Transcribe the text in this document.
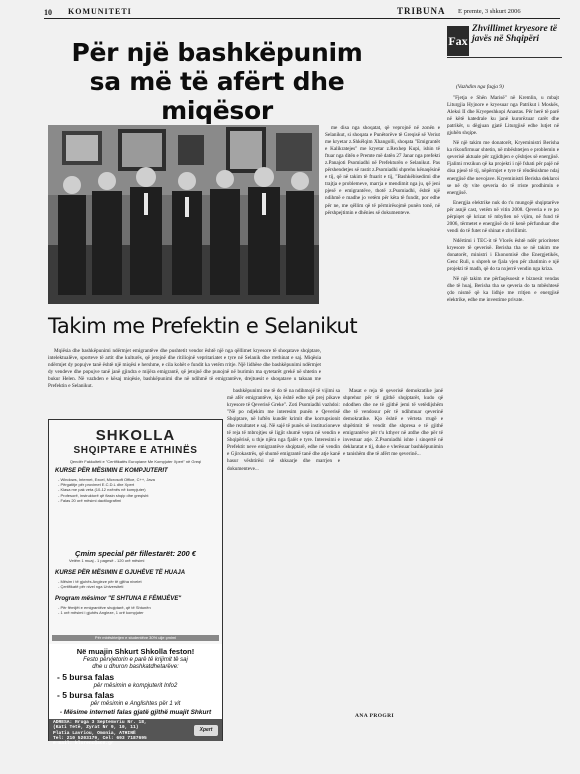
10 KOMUNITETI	TRIBUNA E premte, 3 shkurt 2006
Për një bashkëpunim sa më të afërt dhe miqësor
Takim me Prefektin e Selanikut

Mqiësia dhe bashkëpunimi ndërmjet emigrantëve dhe pushtetit vendor është një nga qëllimet kryesore të shoqatave shqiptare, intelektualëve, sporteve të artit dhe kulturës, që jetojnë dhe ritiliojnë vepritariatet e tyre në Selanik dhe rrethinat e saj. Miqësia ndërmjet dy popujve tanë është një miqësi e hershme, e cila kohët e fundit ka vetëm rritje. Një lidhëse dhe bashkëpunimi ndërmjet dy vendeve dhe popujve tanë janë gjindra e mijëra emigrantë, që jetojnë dhe punojnë në burimin ma qytetarët grekë në shtetin e bukur Helen. Në vazhden e kësaj miqësie, bashkëpunimi dhe në ndihmë të emigrantëve, drejtuesit e shoqatave u takuan me Prefektin e Selanikut.

me disa nga shoqatat, që veprojnë në zonën e Selanikut, si shoqata e Punëtorëve të Greqisë së Veriut me kryetar z.Shkëlqim Xhangolli, shoqata "Emigrantët e Kalikratejes" me kryetar z.Rexhep Kupi, ishin të ftuar nga ditën e Premte më datën 27 Janar nga prefekti z.Panajoti Psomiadhi në Prefekturën e Selanikut. Pas përshendetjes së rastit z.Psomiadhi shprehu kënaqësinë e tij, që në takim të ftuarit e tij, "Bashkëbisedimi dhe trajtja e problemeve, marrja e mendimit nga ju, që jeni pjesë e emigrantëve, thotë z.Psomiadhi, është një ndihmë e madhe jo vetëm për këta të fundit, por edhe për ne, me qëllim që të përmirësojmë punën tonë, në përshpejtimin e dhënies së dokumenteve.

bashkëpunimi me të do të na ndihmojë të vijimi sa më afër emigrantëve, kjo është edhe një prej pikave kryesore të Qeverisë Greke". Zoti Psomiadhi vazhdoi: "Në po ndjekim me interesim punën e Qeverisë Shqiptare, në luftën kundër krimit dhe korrupsionit dhe rezultatet e saj. Në sajë të punës së institucioneve të reja të mbrojtjes së ligjit shumë vepra në vendin e Shqipërisë, u thje njëra nga fjalët e tyre. Interesimi e Prefektit neve emigrantëve shqiptarë, edhe në vendin e Gjirokastrës, që shumë emigrantë tanë dhe atje kanë hasur vështirësi në shkuarje dhe marrjen e dokumenteve...

Masat e reja të qeverisë demokratike janë shprehur për të gjithë shqiptarët, kudo që ndodhen dhe ne të gjithë jemi të vetëdijshëm dhe të vendosur për të ndihmuar qeverinë demokratike. Kjo është e vërteta rrugë e shpëtimit të vendit dhe shpresa e të gjithë emigrantëve për t'u kthyer në atdhe dhe për të investuar atje. Z.Psomiadhi ishte i sinqertë në deklaratat e tij, duke e vlerësuar bashkëpunimin e tanishëm dhe të afërt me qeverinë...

ANA PROGRI
SHKOLLA
SHQIPTARE E ATHINËS
Qendër Fakkulteti e "Certifikatës Europiane Me Kompjuter Xpert" në Greqi
KURSE PËR MËSIMIN E KOMPJUTERIT
- Windows, Internet, Excel, Microsoft Office, C++, Java
- Përgatitje për provimet E.C.D.L dhe Xpert
- Klasa me pak veta (10-12 nxënës në kompjuter)
- Profesorë, instruktorë që flasin shqip dhe greqisht
- Falas 20 orë mësimi dactilografimi
Çmim special për fillestarët: 200 €
Vetëm 1 muaj - 1 pagesë - 120 orë mësimi
KURSE PËR MËSIMIN E GJUHËVE TË HUAJA
- Mësim i të gjuhës Angleze për të gjitha nivelet
- Çertifikatë për nivel nga Universiteti
Program mësimor "E SHTUNA E FËMIJËVE"
- Për fëmijët e emigrantëve shqiptarë, që të Shtunën
- 1 orë mësimi i gjuhës Angleze, 1 orë kompjuter
Për mbështetjen e studentëve 30% ulje çmimi
Në muajin Shkurt Shkolla feston!
Festo përvjetorin e parë të krijimit të saj
dhe u dhuron bashkatdhetarëve:
- 5 bursa falas
për mësimin e kompjuterit Info2
- 5 bursa falas
për mësimin e Anglishtes për 1 vit
- Mësime interneti falas gjatë gjithë muajit Shkurt
ADRESA: Rruga 3 Septemvriu Nr. 18,
(Kati Tetë, Zyrat Nr 9, 10, 11)
Platia Lavriou, Omonia, ATHINË
Tel: 210 5203179, Cel: 693 7187695
e-mail: klorenc@acn.gr
Xpert
Fax
Zhvillimet kryesore të
javës në Shqipëri
(Vazhdim nga faqja 9)

"Fjetja e Shën Marisë" në Kremlin, u mbajt Liturgjia Hyjnore e kryesuar nga Patrikut i Moskës, Aleksi II dhe Kryepeshkopi Anastas. Për herë të parë në këtë katedrale ku janë kurorëzuar carët dhe patrikët, u dëgjuan gjatë Liturgjisë edhe lutjet në gjuhën shqipe.

Në një takim me donatorët, Kryeministri Berisha ka rikonfirmuar shtetin, në mbështetjen e problemin e qeverisë aktuale për zgjidhjen e çështjes së energjisë. Fjalimi rrezikun që ka projekti i një fshati për pajë në disa pjesë të tij, nëpërmjet e tyre të rëndësishme ndaj energjisë dhe nevojave. Kryeministri Berisha deklaroi se në dy vite qeveria do të rriste prodhimin e energjisë.

Energjia elektrike nuk do t'u mungojë shqiptarëve për asnjë cast, vetëm në vitin 2008. Qeveria e re po përpiqet që krizat të mbyllen në vijim, në fund të 2006, tërmetet e energjisë do të kenë përfunduar dhe vendi do të futet në shinat e zhvillimit.

Ndërtimi i TEC-it të Vlorës është ndër prioritetet kryesore të qeverisë. Berisha tha se në takim me donatorët, ministri i Ekonomisë dhe Energjetikës, Genc Ruli, u shpreh se fjala vjen për zbatimin e një projekti të madh, që do ta nxjerrë vendin nga kriza.

Në një takim me përfaqësuesit e biznesit vendas dhe të huaj, Berisha tha se qeveria do ta mbështesë çdo nismë që ka lidhje me rritjen e energjisë elektrike, edhe me investime private.
